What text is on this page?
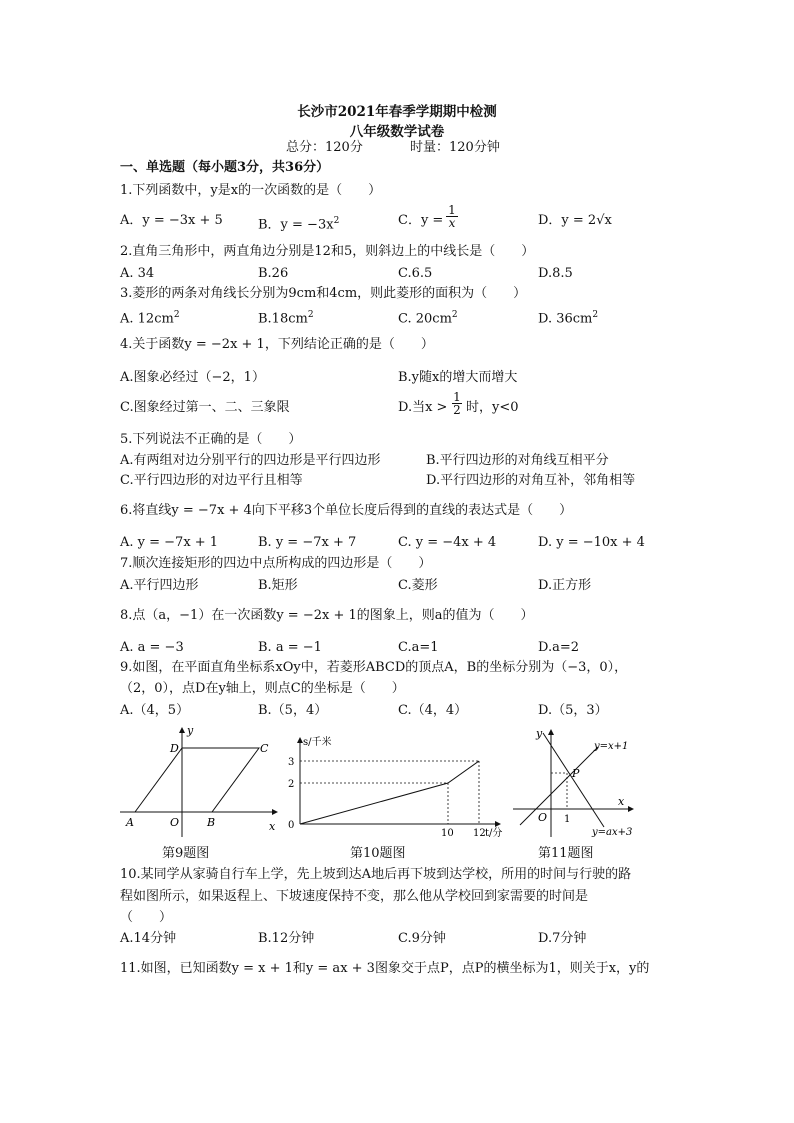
长沙市2021年春季学期期中检测
八年级数学试卷
总分：120分	时量：120分钟
一、单选题（每小题3分，共36分）
1.下列函数中，y是x的一次函数的是（　　）
A．y = −3x + 5	B．$y = -3x^2$	C．$y = \frac{1}{x}$	D．y = 2√x
2.直角三角形中，两直角边分别是12和5，则斜边上的中线长是（　　）
A. 34	B.26	C.6.5	D.8.5
3.菱形的两条对角线长分别为9cm和4cm，则此菱形的面积为（　　）
A. $12cm^2$	$B.18cm^2$	C. $20cm^2$	D. $36cm^2$
4.关于函数y = −2x + 1，下列结论正确的是（　　）
A.图象必经过（−2，1）	B.y随x的增大而增大
C.图象经过第一、二、三象限	D.当$x > \frac{1}{2}$ 时，y<0
5.下列说法不正确的是（　　）
A.有两组对边分别平行的四边形是平行四边形	B.平行四边形的对角线互相平分
C.平行四边形的对边平行且相等	D.平行四边形的对角互补，邻角相等
6.将直线y = −7x + 4向下平移3个单位长度后得到的直线的表达式是（　　）
A. y = −7x + 1	B. y = −7x + 7	C. y = −4x + 4	D. y = −10x + 4
7.顺次连接矩形的四边中点所构成的四边形是（　　）
A.平行四边形	B.矩形	C.菱形	D.正方形
8.点（a，−1）在一次函数y = −2x + 1的图象上，则a的值为（　　）
A. a = −3	B. a = −1	C.a=1	D.a=2
9.如图，在平面直角坐标系xOy中，若菱形ABCD的顶点A，B的坐标分别为（−3，0），
（2，0），点D在y轴上，则点C的坐标是（　　）
A.（4，5）	B.（5，4）	C.（4，4）	D.（5，3）
y
x
D	C
A	O	B
第9题图
s/千米
3
2
0
10 12 t/分
第10题图
y
x
O 1
P
y=x+1
y=ax+3
第11题图
10.某同学从家骑自行车上学，先上坡到达A地后再下坡到达学校，所用的时间与行驶的路
程如图所示，如果返程上、下坡速度保持不变，那么他从学校回到家需要的时间是
（　　）
A.14分钟	B.12分钟	C.9分钟	D.7分钟
11.如图，已知函数y = x + 1和y = ax + 3图象交于点P，点P的横坐标为1，则关于x，y的
